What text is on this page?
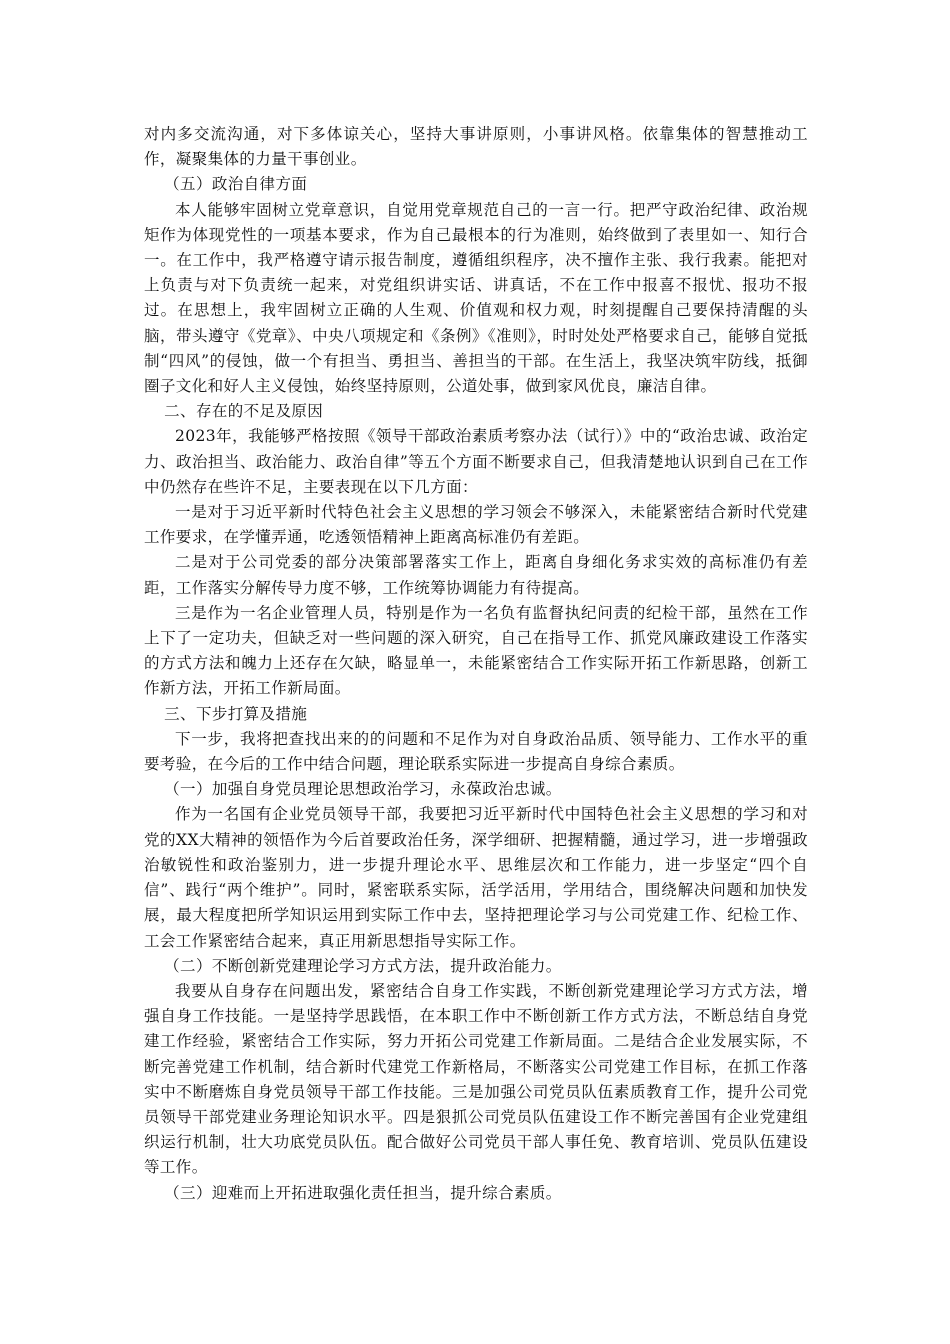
对内多交流沟通，对下多体谅关心，坚持大事讲原则，小事讲风格。依靠集体的智慧推动工作，凝聚集体的力量干事创业。

（五）政治自律方面

本人能够牢固树立党章意识，自觉用党章规范自己的一言一行。把严守政治纪律、政治规矩作为体现党性的一项基本要求，作为自己最根本的行为准则，始终做到了表里如一、知行合一。在工作中，我严格遵守请示报告制度，遵循组织程序，决不擅作主张、我行我素。能把对上负责与对下负责统一起来，对党组织讲实话、讲真话，不在工作中报喜不报忧、报功不报过。在思想上，我牢固树立正确的人生观、价值观和权力观，时刻提醒自己要保持清醒的头脑，带头遵守《党章》、中央八项规定和《条例》《准则》，时时处处严格要求自己，能够自觉抵制“四风”的侵蚀，做一个有担当、勇担当、善担当的干部。在生活上，我坚决筑牢防线，抵御圈子文化和好人主义侵蚀，始终坚持原则，公道处事，做到家风优良，廉洁自律。

二、存在的不足及原因

2023年，我能够严格按照《领导干部政治素质考察办法（试行）》中的“政治忠诚、政治定力、政治担当、政治能力、政治自律”等五个方面不断要求自己，但我清楚地认识到自己在工作中仍然存在些许不足，主要表现在以下几方面：

一是对于习近平新时代特色社会主义思想的学习领会不够深入，未能紧密结合新时代党建工作要求，在学懂弄通，吃透领悟精神上距离高标准仍有差距。

二是对于公司党委的部分决策部署落实工作上，距离自身细化务求实效的高标准仍有差距，工作落实分解传导力度不够，工作统筹协调能力有待提高。

三是作为一名企业管理人员，特别是作为一名负有监督执纪问责的纪检干部，虽然在工作上下了一定功夫，但缺乏对一些问题的深入研究，自己在指导工作、抓党风廉政建设工作落实的方式方法和魄力上还存在欠缺，略显单一，未能紧密结合工作实际开拓工作新思路，创新工作新方法，开拓工作新局面。

三、下步打算及措施

下一步，我将把查找出来的的问题和不足作为对自身政治品质、领导能力、工作水平的重要考验，在今后的工作中结合问题，理论联系实际进一步提高自身综合素质。

（一）加强自身党员理论思想政治学习，永葆政治忠诚。

作为一名国有企业党员领导干部，我要把习近平新时代中国特色社会主义思想的学习和对党的XX大精神的领悟作为今后首要政治任务，深学细研、把握精髓，通过学习，进一步增强政治敏锐性和政治鉴别力，进一步提升理论水平、思维层次和工作能力，进一步坚定“四个自信”、践行“两个维护”。同时，紧密联系实际，活学活用，学用结合，围绕解决问题和加快发展，最大程度把所学知识运用到实际工作中去，坚持把理论学习与公司党建工作、纪检工作、工会工作紧密结合起来，真正用新思想指导实际工作。

（二）不断创新党建理论学习方式方法，提升政治能力。

我要从自身存在问题出发，紧密结合自身工作实践，不断创新党建理论学习方式方法，增强自身工作技能。一是坚持学思践悟，在本职工作中不断创新工作方式方法，不断总结自身党建工作经验，紧密结合工作实际，努力开拓公司党建工作新局面。二是结合企业发展实际，不断完善党建工作机制，结合新时代建党工作新格局，不断落实公司党建工作目标，在抓工作落实中不断磨炼自身党员领导干部工作技能。三是加强公司党员队伍素质教育工作，提升公司党员领导干部党建业务理论知识水平。四是狠抓公司党员队伍建设工作不断完善国有企业党建组织运行机制，壮大功底党员队伍。配合做好公司党员干部人事任免、教育培训、党员队伍建设等工作。

（三）迎难而上开拓进取强化责任担当，提升综合素质。
